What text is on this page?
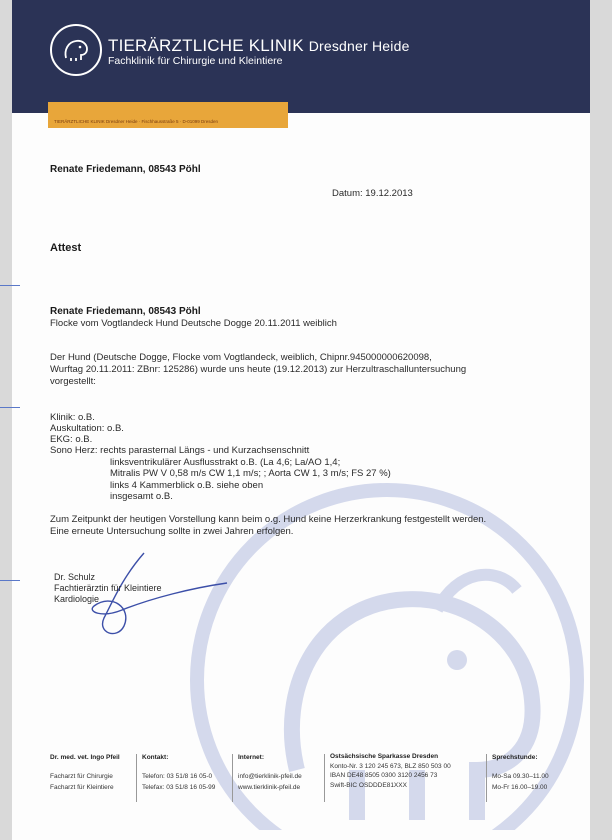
TIERÄRZTLICHE KLINIK Dresdner Heide
Fachklinik für Chirurgie und Kleintiere
TIERÄRZTLICHE KLINIK Dresdner Heide · Fischhausstraße 5 · D-01099 Dresden
Renate Friedemann, 08543 Pöhl
Datum: 19.12.2013
Attest
Renate Friedemann, 08543 Pöhl
Flocke vom Vogtlandeck Hund Deutsche Dogge 20.11.2011 weiblich
Der Hund (Deutsche Dogge, Flocke vom Vogtlandeck, weiblich, Chipnr.945000000620098,
Wurftag 20.11.2011: ZBnr: 125286) wurde uns heute (19.12.2013) zur Herzultraschalluntersuchung
vorgestellt:
Klinik: o.B.
Auskultation: o.B.
EKG: o.B.
Sono Herz: rechts parasternal Längs - und Kurzachsenschnitt
linksventrikulärer Ausflusstrakt o.B. (La 4,6; La/AO 1,4;
Mitralis PW V 0,58 m/s CW 1,1 m/s; ; Aorta CW 1, 3 m/s; FS 27 %)
links 4 Kammerblick o.B. siehe oben
insgesamt o.B.
Zum Zeitpunkt der heutigen Vorstellung kann beim o.g. Hund keine Herzerkrankung festgestellt werden.
Eine erneute Untersuchung sollte in zwei Jahren erfolgen.
Dr. Schulz
Fachtierärztin für Kleintiere
Kardiologie
Dr. med. vet. Ingo Pfeil
Facharzt für Chirurgie
Facharzt für Kleintiere
Kontakt:
Telefon: 03 51/8 16 05-0
Telefax: 03 51/8 16 05-99
Internet:
info@tierklinik-pfeil.de
www.tierklinik-pfeil.de
Ostsächsische Sparkasse Dresden
Konto-Nr. 3 120 245 673, BLZ 850 503 00
IBAN DE48 8505 0300 3120 2456 73
Swift-BIC OSDDDE81XXX
Sprechstunde:
Mo-Sa 09.30–11.00
Mo-Fr 16.00–19.00
